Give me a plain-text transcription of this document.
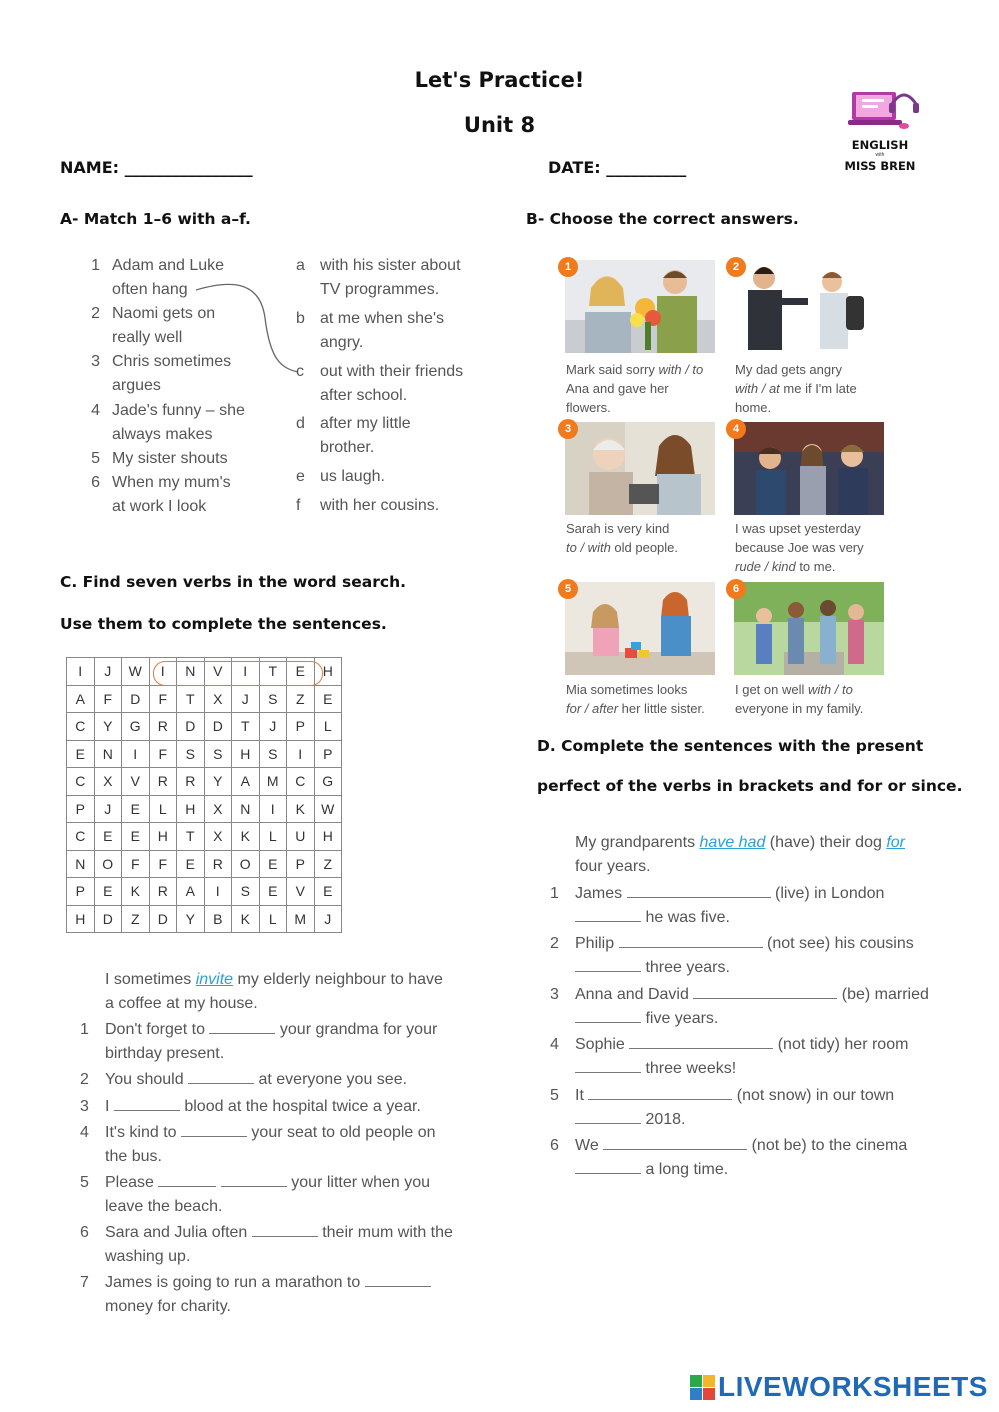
Let's Practice!
Unit 8
NAME: ________________	DATE: __________
ENGLISH
with
MISS BREN
A- Match 1–6 with a–f.
1 Adam and Luke
often hang
2 Naomi gets on
really well
3 Chris sometimes
argues
4 Jade's funny – she
always makes
5 My sister shouts
6 When my mum's
at work I look
a with his sister about
TV programmes.
b at me when she's
angry.
c out with their friends
after school.
d after my little
brother.
e us laugh.
f with her cousins.
B- Choose the correct answers.
1
Mark said sorry with / to
Ana and gave her
flowers.
2
My dad gets angry
with / at me if I'm late
home.
3
Sarah is very kind
to / with old people.
4
I was upset yesterday
because Joe was very
rude / kind to me.
5
Mia sometimes looks
for / after her little sister.
6
I get on well with / to
everyone in my family.
C. Find seven verbs in the word search.
Use them to complete the sentences.
I	J	W	I	N	V	I	T	E	H
A	F	D	F	T	X	J	S	Z	E
C	Y	G	R	D	D	T	J	P	L
E	N	I	F	S	S	H	S	I	P
C	X	V	R	R	Y	A	M	C	G
P	J	E	L	H	X	N	I	K	W
C	E	E	H	T	X	K	L	U	H
N	O	F	F	E	R	O	E	P	Z
P	E	K	R	A	I	S	E	V	E
H	D	Z	D	Y	B	K	L	M	J
I sometimes invite my elderly neighbour to have
a coffee at my house.
1 Don't forget to	your grandma for your
birthday present.
2 You should	at everyone you see.
3 I	blood at the hospital twice a year.
4 It's kind to	your seat to old people on
the bus.
5 Please	your litter when you
leave the beach.
6 Sara and Julia often	their mum with the
washing up.
7 James is going to run a marathon to
money for charity.
D. Complete the sentences with the present
perfect of the verbs in brackets and for or since.
My grandparents have had (have) their dog for
four years.
1 James	(live) in London
he was five.
2 Philip	(not see) his cousins
three years.
3 Anna and David	(be) married
five years.
4 Sophie	(not tidy) her room
three weeks!
5 It	(not snow) in our town
2018.
6 We	(not be) to the cinema
a long time.
LIVEWORKSHEETS
